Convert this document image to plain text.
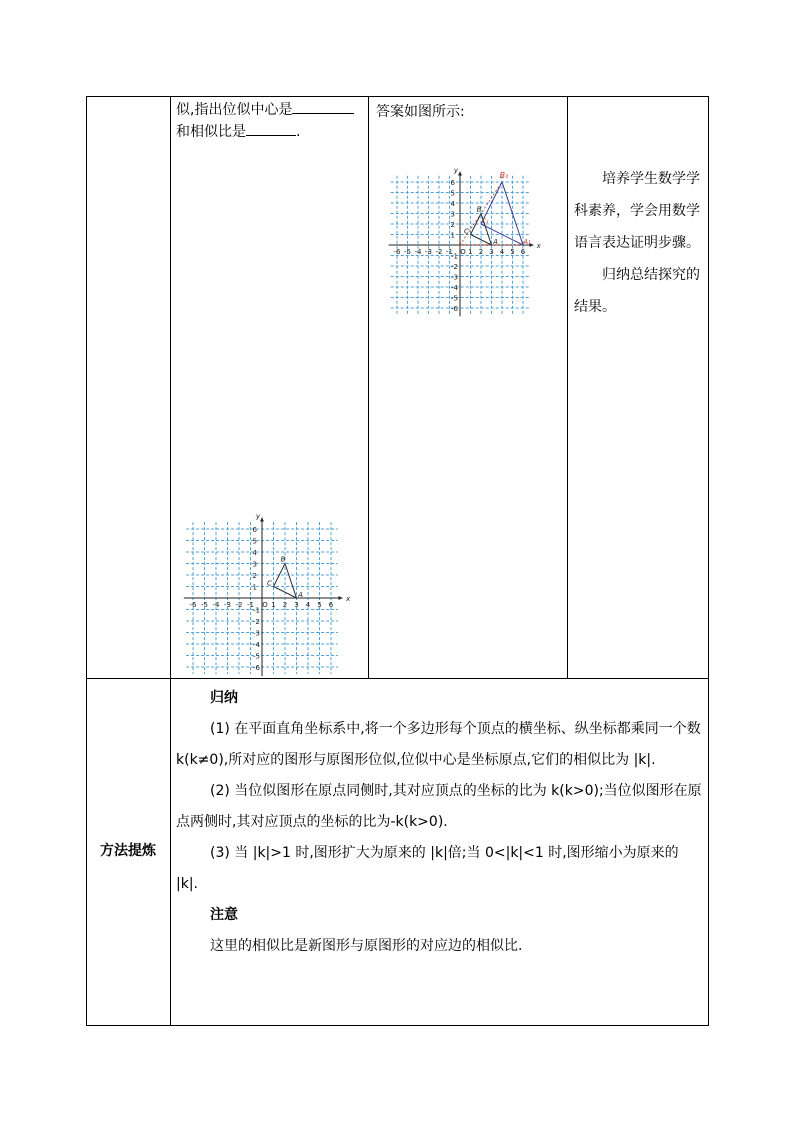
似,指出位似中心是
和相似比是	.
答案如图所示:

培养学生数学学科素养，学会用数学语言表达证明步骤。

归纳总结探究的结果。

x
y
-6 -5 -4 -3 -2 -1 O 1 2 3 4 5 6
6
5
4
3
2
1
-1
-2
-3
-4
-5
-6
A₁
B₁
C₁
A
B
C
x
y
-6 -5 -4 -3 -2 -1 O 1 2 3 4 5 6
6
5
4
3
2
1
-1
-2
-3
-4
-5
-6
A
B
C
方法提炼

归纳

(1) 在平面直角坐标系中,将一个多边形每个顶点的横坐标、纵坐标都乘同一个数 k(k≠0),所对应的图形与原图形位似,位似中心是坐标原点,它们的相似比为 |k|.

(2) 当位似图形在原点同侧时,其对应顶点的坐标的比为 k(k>0);当位似图形在原点两侧时,其对应顶点的坐标的比为-k(k>0).

(3) 当 |k|>1 时,图形扩大为原来的 |k|倍;当 0<|k|<1 时,图形缩小为原来的 |k|.

注意

这里的相似比是新图形与原图形的对应边的相似比.
